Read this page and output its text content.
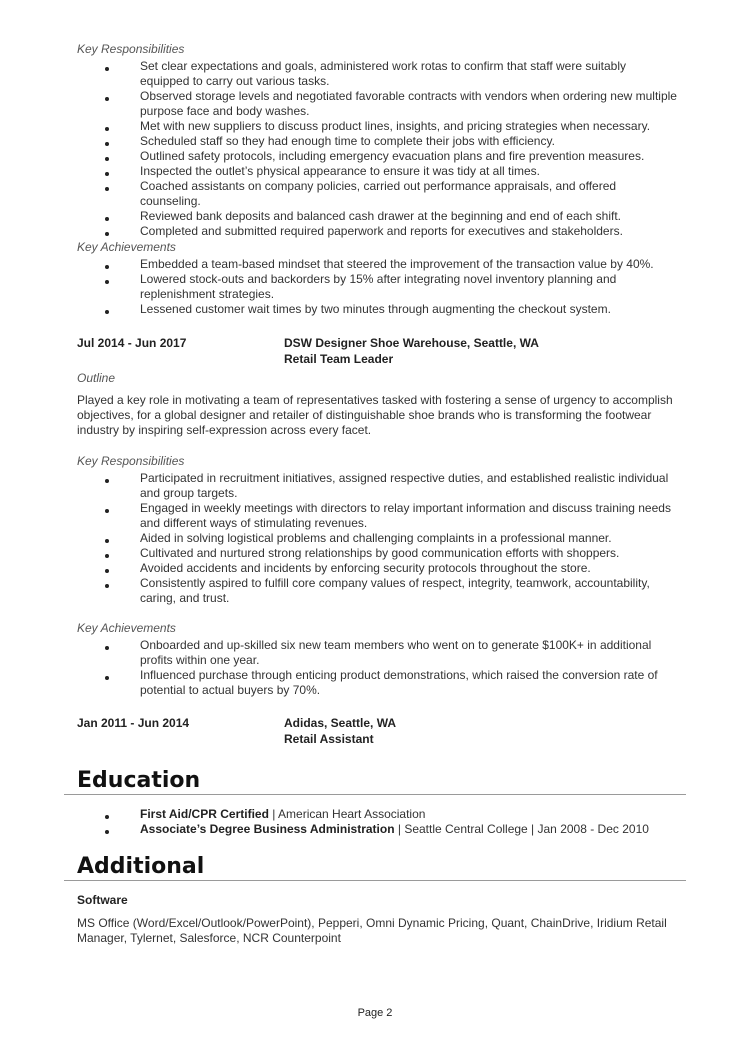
Key Responsibilities
Set clear expectations and goals, administered work rotas to confirm that staff were suitably equipped to carry out various tasks.
Observed storage levels and negotiated favorable contracts with vendors when ordering new multiple purpose face and body washes.
Met with new suppliers to discuss product lines, insights, and pricing strategies when necessary.
Scheduled staff so they had enough time to complete their jobs with efficiency.
Outlined safety protocols, including emergency evacuation plans and fire prevention measures.
Inspected the outlet’s physical appearance to ensure it was tidy at all times.
Coached assistants on company policies, carried out performance appraisals, and offered counseling.
Reviewed bank deposits and balanced cash drawer at the beginning and end of each shift.
Completed and submitted required paperwork and reports for executives and stakeholders.
Key Achievements
Embedded a team-based mindset that steered the improvement of the transaction value by 40%.
Lowered stock-outs and backorders by 15% after integrating novel inventory planning and replenishment strategies.
Lessened customer wait times by two minutes through augmenting the checkout system.
Jul 2014 - Jun 2017	DSW Designer Shoe Warehouse, Seattle, WA
Retail Team Leader
Outline

Played a key role in motivating a team of representatives tasked with fostering a sense of urgency to accomplish objectives, for a global designer and retailer of distinguishable shoe brands who is transforming the footwear industry by inspiring self-expression across every facet.

Key Responsibilities
Participated in recruitment initiatives, assigned respective duties, and established realistic individual and group targets.
Engaged in weekly meetings with directors to relay important information and discuss training needs and different ways of stimulating revenues.
Aided in solving logistical problems and challenging complaints in a professional manner.
Cultivated and nurtured strong relationships by good communication efforts with shoppers.
Avoided accidents and incidents by enforcing security protocols throughout the store.
Consistently aspired to fulfill core company values of respect, integrity, teamwork, accountability, caring, and trust.
Key Achievements
Onboarded and up-skilled six new team members who went on to generate $100K+ in additional profits within one year.
Influenced purchase through enticing product demonstrations, which raised the conversion rate of potential to actual buyers by 70%.
Jan 2011 - Jun 2014	Adidas, Seattle, WA
Retail Assistant
Education
First Aid/CPR Certified | American Heart Association
Associate’s Degree Business Administration | Seattle Central College | Jan 2008 - Dec 2010
Additional
Software

MS Office (Word/Excel/Outlook/PowerPoint), Pepperi, Omni Dynamic Pricing, Quant, ChainDrive, Iridium Retail Manager, Tylernet, Salesforce, NCR Counterpoint

Page 2
